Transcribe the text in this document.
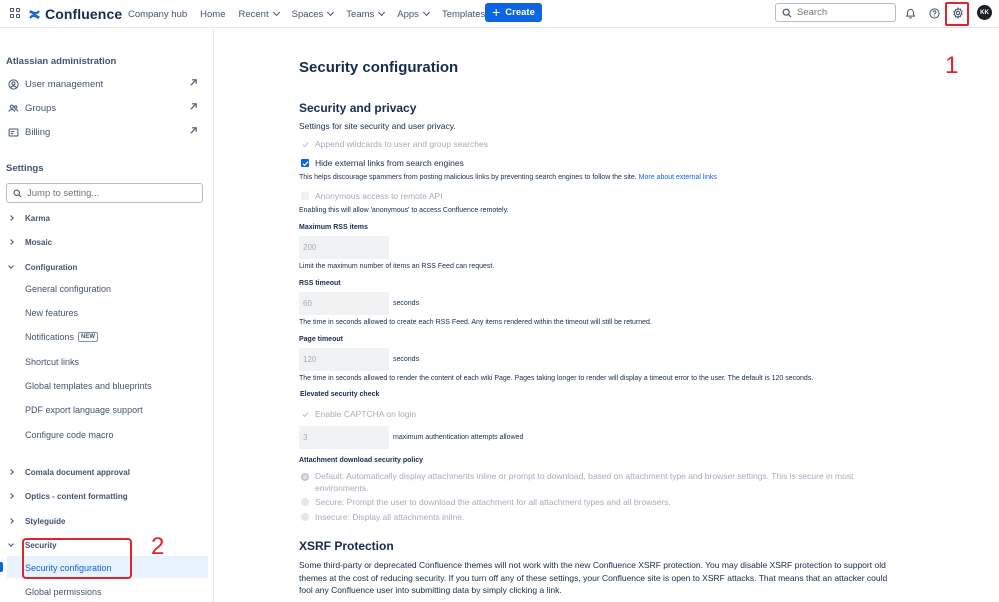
Confluence Company hub Home Recent Spaces Teams Apps Templates + Create
Search	KK
1
Atlassian administration
User management
Groups
Billing
Settings
Jump to setting...
Karma
Mosaic
Configuration
General configuration
New features
Notifications	NEW
Shortcut links
Global templates and blueprints
PDF export language support
Configure code macro
Comala document approval
Optics - content formatting
Styleguide
Security
Security configuration
Global permissions
2
Security configuration
Security and privacy
Settings for site security and user privacy.
Append wildcards to user and group searches
Hide external links from search engines
This helps discourage spammers from posting malicious links by preventing search engines to follow the site. More about external links
Anonymous access to remote API
Enabling this will allow 'anonymous' to access Confluence remotely.
Maximum RSS items
200
Limit the maximum number of items an RSS Feed can request.
RSS timeout
60	seconds
The time in seconds allowed to create each RSS Feed. Any items rendered within the timeout will still be returned.
Page timeout
120	seconds
The time in seconds allowed to render the content of each wiki Page. Pages taking longer to render will display a timeout error to the user. The default is 120 seconds.
Elevated security check
Enable CAPTCHA on login
3	maximum authentication attempts allowed
Attachment download security policy
Default: Automatically display attachments inline or prompt to download, based on attachment type and browser settings. This is secure in most
environments.
Secure: Prompt the user to download the attachment for all attachment types and all browsers.
Insecure: Display all attachments inline.
XSRF Protection
Some third-party or deprecated Confluence themes will not work with the new Confluence XSRF protection. You may disable XSRF protection to support old
themes at the cost of reducing security. If you turn off any of these settings, your Confluence site is open to XSRF attacks. That means that an attacker could
fool any Confluence user into submitting data by simply clicking a link.
